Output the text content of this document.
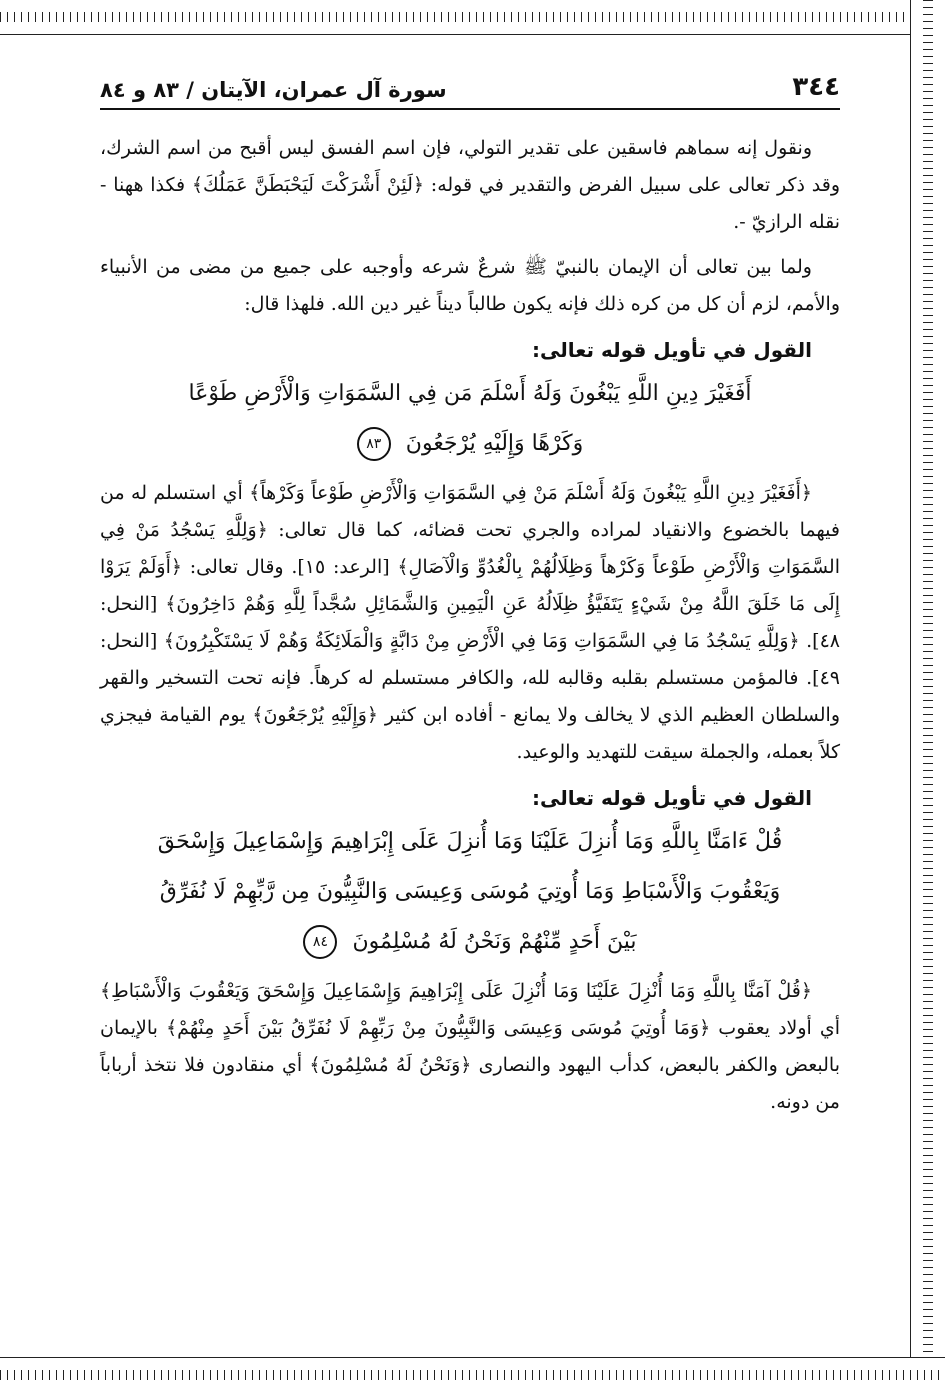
٣٤٤
سورة آل عمران، الآيتان / ٨٣ و ٨٤

ونقول إنه سماهم فاسقين على تقدير التولي، فإن اسم الفسق ليس أقبح من اسم الشرك، وقد ذكر تعالى على سبيل الفرض والتقدير في قوله: ﴿لَئِنْ أَشْرَكْتَ لَيَحْبَطَنَّ عَمَلُكَ﴾ فكذا ههنا - نقله الرازيّ -.

ولما بين تعالى أن الإيمان بالنبيّ ﷺ شرعٌ شرعه وأوجبه على جميع من مضى من الأنبياء والأمم، لزم أن كل من كره ذلك فإنه يكون طالباً ديناً غير دين الله. فلهذا قال:

القول في تأويل قوله تعالى:
أَفَغَيْرَ دِينِ اللَّهِ يَبْغُونَ وَلَهُ أَسْلَمَ مَن فِي السَّمَوَاتِ وَالْأَرْضِ طَوْعًا
وَكَرْهًا وَإِلَيْهِ يُرْجَعُونَ ٨٣

﴿أَفَغَيْرَ دِينِ اللَّهِ يَبْغُونَ وَلَهُ أَسْلَمَ مَنْ فِي السَّمَوَاتِ وَالْأَرْضِ طَوْعاً وَكَرْهاً﴾ أي استسلم له من فيهما بالخضوع والانقياد لمراده والجري تحت قضائه، كما قال تعالى: ﴿وَلِلَّهِ يَسْجُدُ مَنْ فِي السَّمَوَاتِ وَالْأَرْضِ طَوْعاً وَكَرْهاً وَظِلَالُهُمْ بِالْغُدُوِّ وَالْآصَالِ﴾ [الرعد: ١٥]. وقال تعالى: ﴿أَوَلَمْ يَرَوْا إِلَى مَا خَلَقَ اللَّهُ مِنْ شَيْءٍ يَتَفَيَّؤُ ظِلَالُهُ عَنِ الْيَمِينِ وَالشَّمَائِلِ سُجَّداً لِلَّهِ وَهُمْ دَاخِرُونَ﴾ [النحل: ٤٨]. ﴿وَلِلَّهِ يَسْجُدُ مَا فِي السَّمَوَاتِ وَمَا فِي الْأَرْضِ مِنْ دَابَّةٍ وَالْمَلَائِكَةُ وَهُمْ لَا يَسْتَكْبِرُونَ﴾ [النحل: ٤٩]. فالمؤمن مستسلم بقلبه وقالبه لله، والكافر مستسلم له كرهاً. فإنه تحت التسخير والقهر والسلطان العظيم الذي لا يخالف ولا يمانع - أفاده ابن كثير ﴿وَإِلَيْهِ يُرْجَعُونَ﴾ يوم القيامة فيجزي كلاً بعمله، والجملة سيقت للتهديد والوعيد.

القول في تأويل قوله تعالى:
قُلْ ءَامَنَّا بِاللَّهِ وَمَا أُنزِلَ عَلَيْنَا وَمَا أُنزِلَ عَلَى إِبْرَاهِيمَ وَإِسْمَاعِيلَ وَإِسْحَقَ
وَيَعْقُوبَ وَالْأَسْبَاطِ وَمَا أُوتِيَ مُوسَى وَعِيسَى وَالنَّبِيُّونَ مِن رَّبِّهِمْ لَا نُفَرِّقُ
بَيْنَ أَحَدٍ مِّنْهُمْ وَنَحْنُ لَهُ مُسْلِمُونَ ٨٤

﴿قُلْ آمَنَّا بِاللَّهِ وَمَا أُنْزِلَ عَلَيْنَا وَمَا أُنْزِلَ عَلَى إِبْرَاهِيمَ وَإِسْمَاعِيلَ وَإِسْحَقَ وَيَعْقُوبَ وَالْأَسْبَاطِ﴾ أي أولاد يعقوب ﴿وَمَا أُوتِيَ مُوسَى وَعِيسَى وَالنَّبِيُّونَ مِنْ رَبِّهِمْ لَا نُفَرِّقُ بَيْنَ أَحَدٍ مِنْهُمْ﴾ بالإيمان بالبعض والكفر بالبعض، كدأب اليهود والنصارى ﴿وَنَحْنُ لَهُ مُسْلِمُونَ﴾ أي منقادون فلا نتخذ أرباباً من دونه.
